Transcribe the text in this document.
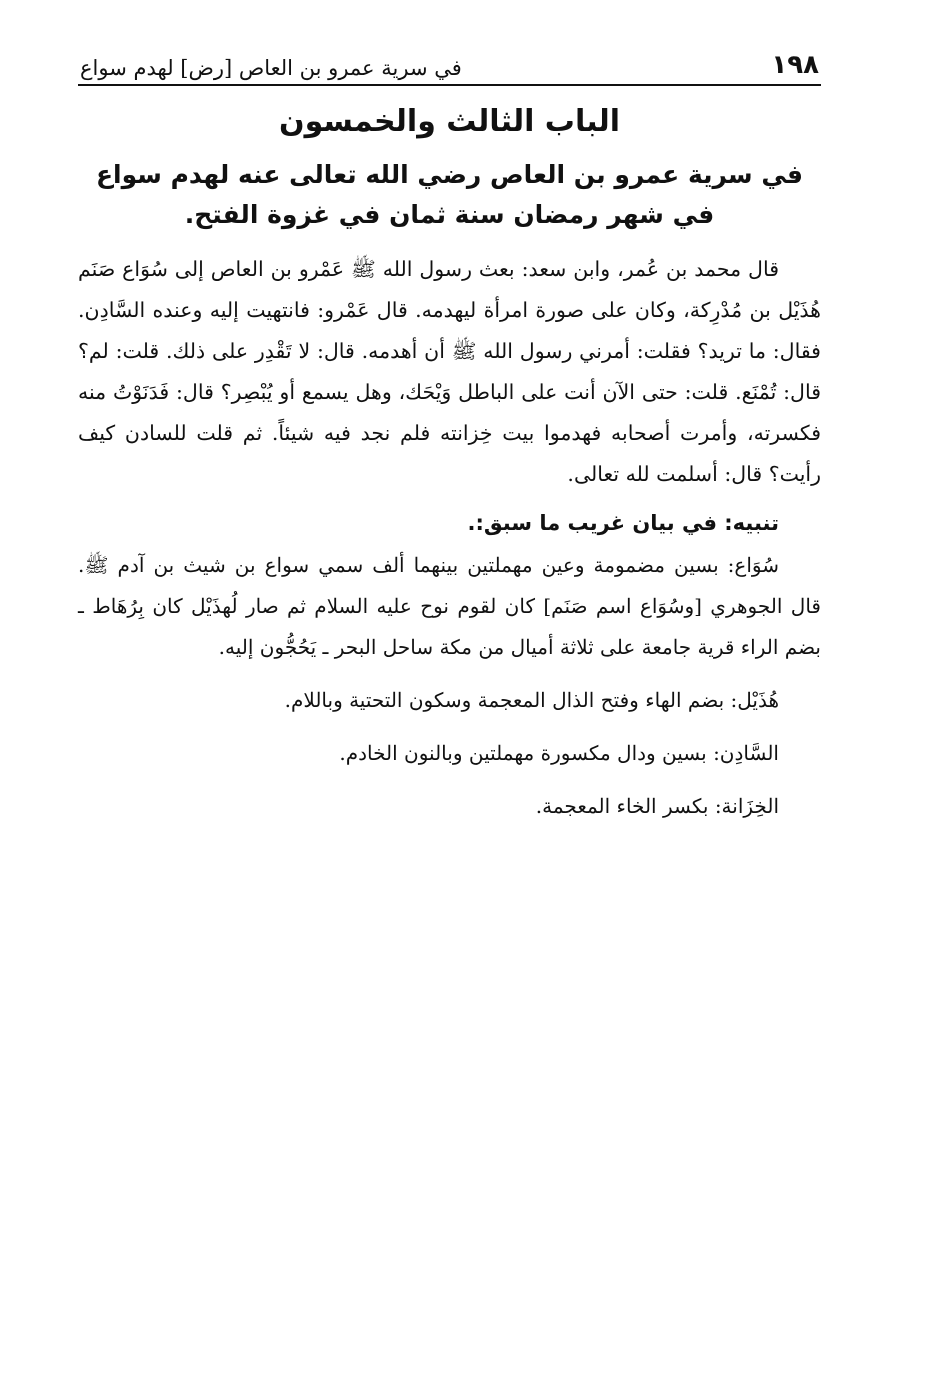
١٩٨
في سرية عمرو بن العاص [رض] لهدم سواع
الباب الثالث والخمسون
في سرية عمرو بن العاص رضي الله تعالى عنه لهدم سواع
في شهر رمضان سنة ثمان في غزوة الفتح.

قال محمد بن عُمر، وابن سعد: بعث رسول الله ﷺ عَمْرو بن العاص إلى سُوَاع صَنَم هُذَيْل بن مُدْرِكة، وكان على صورة امرأة ليهدمه. قال عَمْرو: فانتهيت إليه وعنده السَّادِن. فقال: ما تريد؟ فقلت: أمرني رسول الله ﷺ أن أهدمه. قال: لا تَقْدِر على ذلك. قلت: لم؟ قال: تُمْنَع. قلت: حتى الآن أنت على الباطل وَيْحَك، وهل يسمع أو يُبْصِر؟ قال: فَدَنَوْتُ منه فكسرته، وأمرت أصحابه فهدموا بيت خِزانته فلم نجد فيه شيئاً. ثم قلت للسادن كيف رأيت؟ قال: أسلمت لله تعالى.

تنبيه: في بيان غريب ما سبق:.

سُوَاع: بسين مضمومة وعين مهملتين بينهما ألف سمي سواع بن شيث بن آدم ﷺ. قال الجوهري [وسُوَاع اسم صَنَم] كان لقوم نوح عليه السلام ثم صار لُهذَيْل كان بِرُهَاط ـ بضم الراء قرية جامعة على ثلاثة أميال من مكة ساحل البحر ـ يَحُجُّون إليه.

هُذَيْل: بضم الهاء وفتح الذال المعجمة وسكون التحتية وباللام.

السَّادِن: بسين ودال مكسورة مهملتين وبالنون الخادم.

الخِزَانة: بكسر الخاء المعجمة.
